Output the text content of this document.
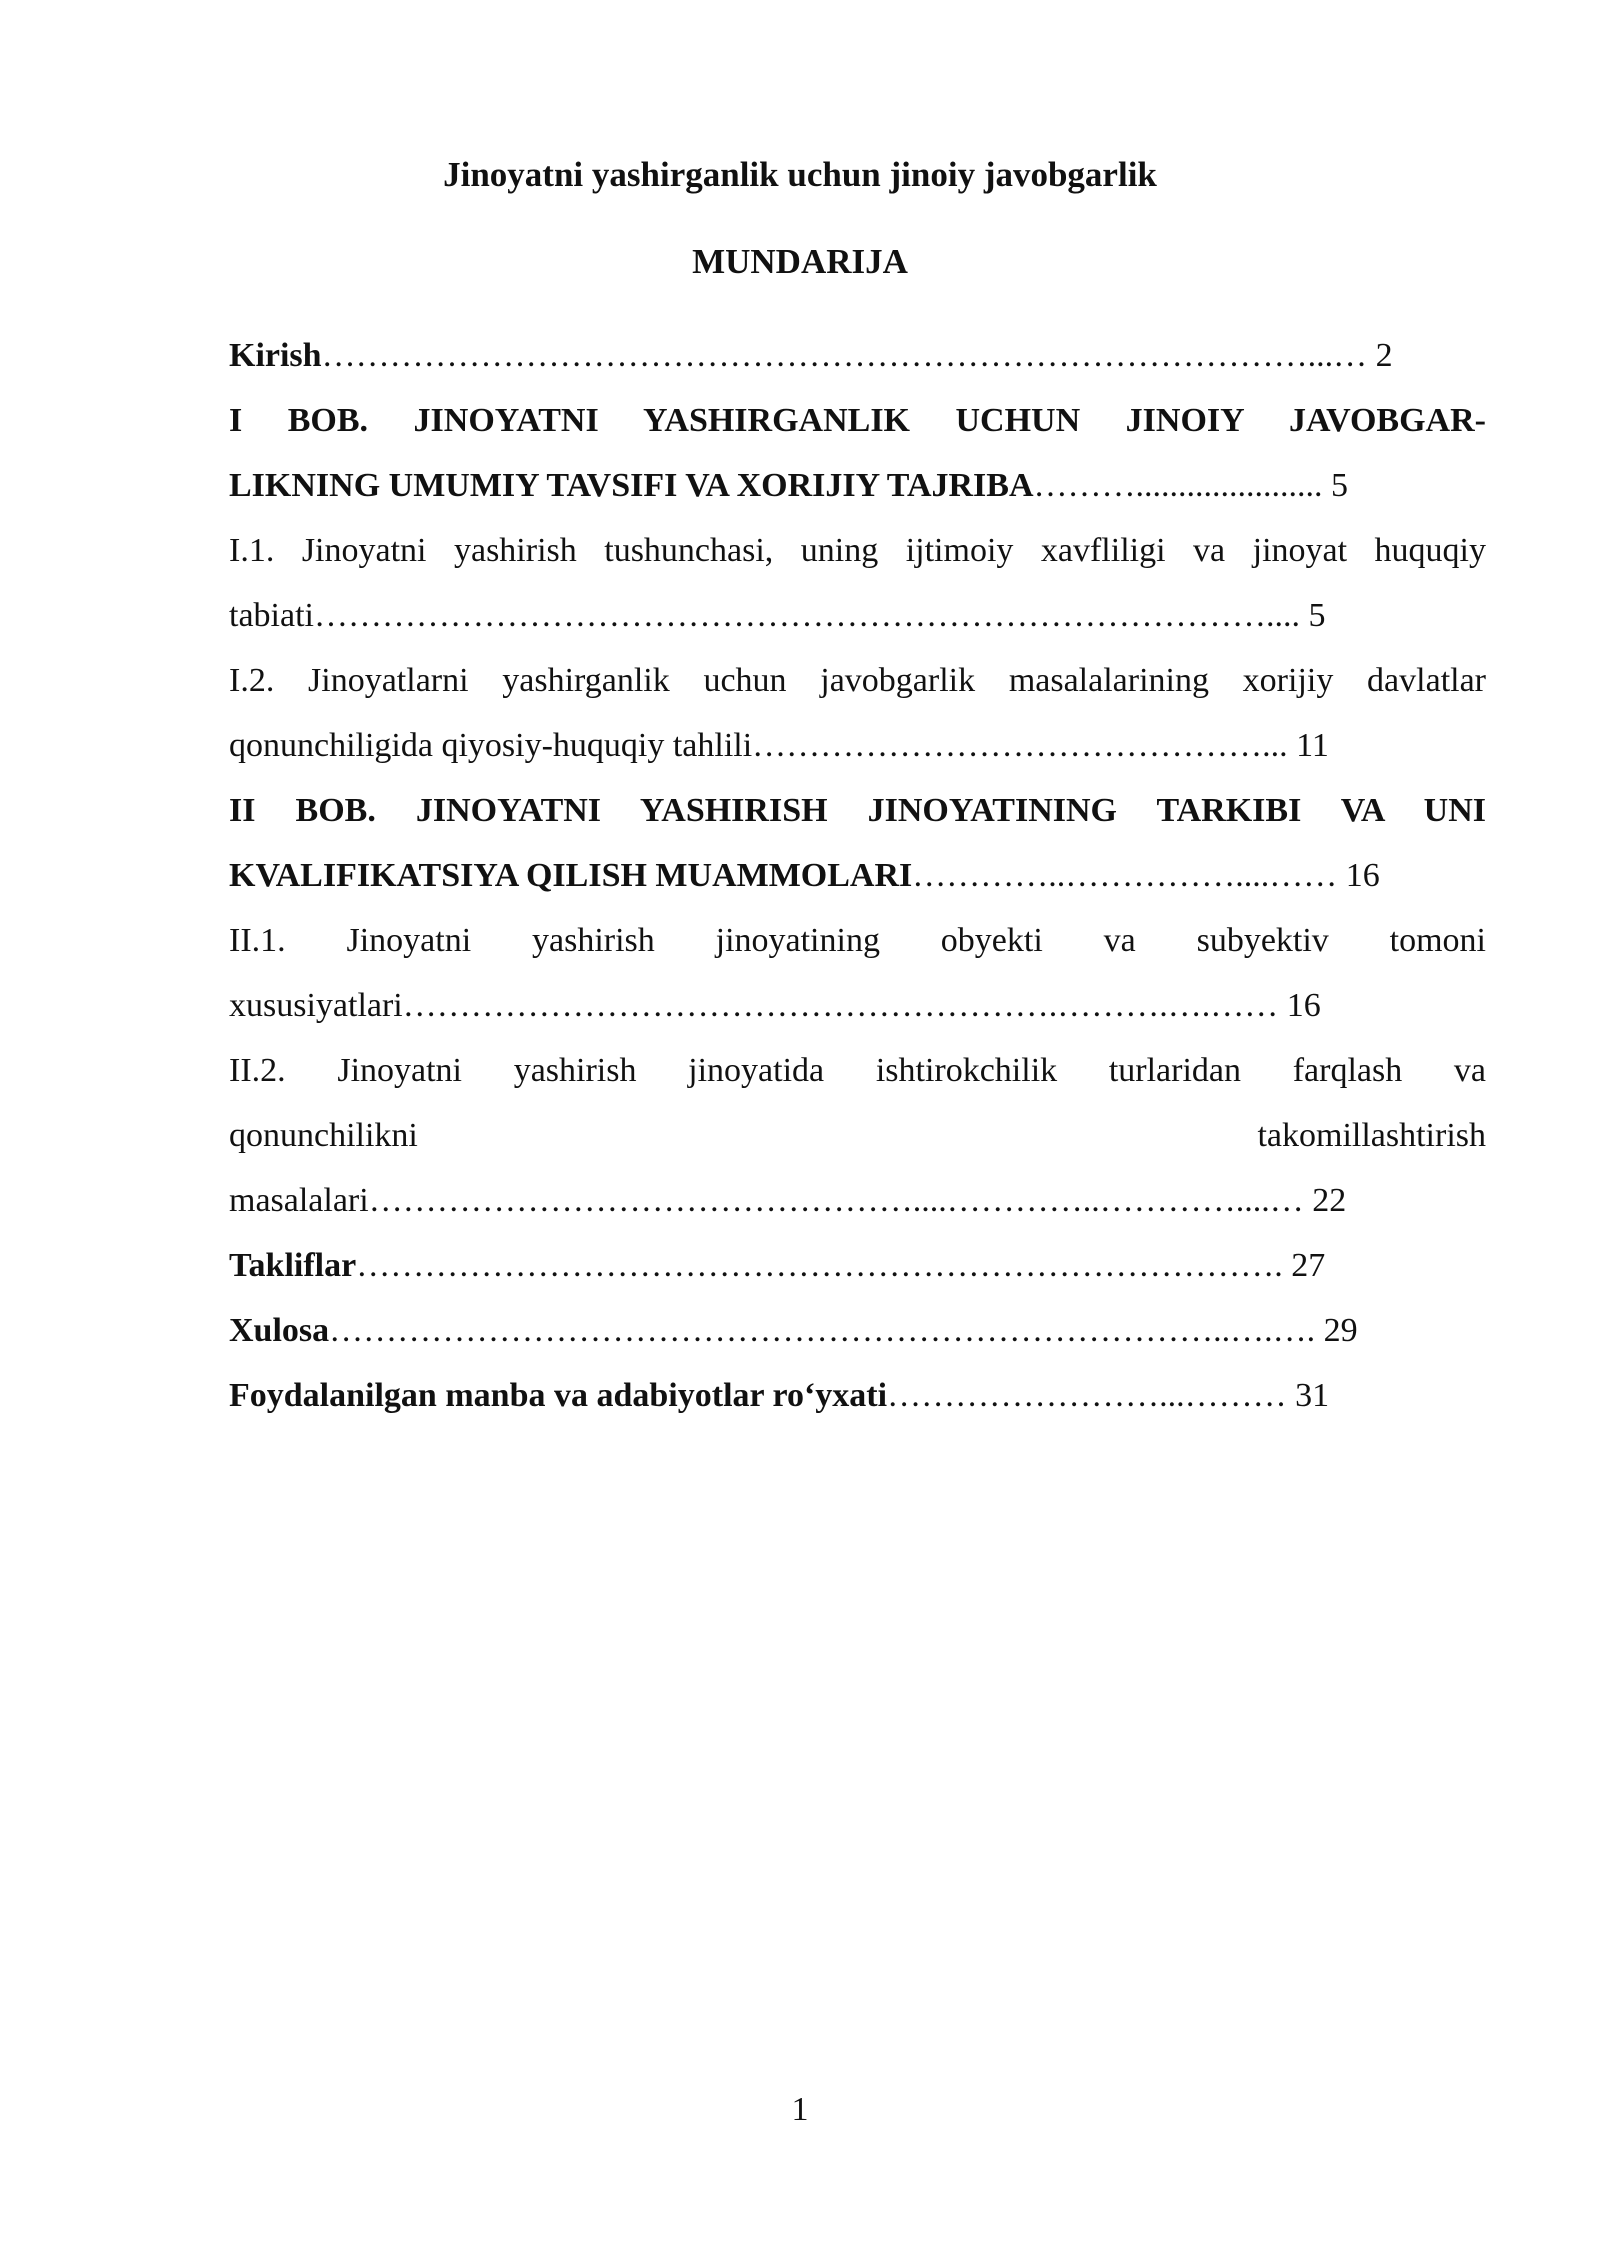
Jinoyatni yashirganlik uchun jinoiy javobgarlik
MUNDARIJA
Kirish……………………………………………………………………………...… 2
I BOB. JINOYATNI YASHIRGANLIK UCHUN JINOIY JAVOBGAR-
LIKNING UMUMIY TAVSIFI VA XORIJIY TAJRIBA………...................... 5
I.1. Jinoyatni yashirish tushunchasi, uning ijtimoiy xavfliligi va jinoyat huquqiy
tabiati………………………………………………………………………….... 5
I.2. Jinoyatlarni yashirganlik uchun javobgarlik masalalarining xorijiy davlatlar
qonunchiligida qiyosiy-huquqiy tahlili………………………………………... 11
II BOB. JINOYATNI YASHIRISH JINOYATINING TARKIBI VA UNI
KVALIFIKATSIYA QILISH MUAMMOLARI…………..……………....…… 16
II.1. Jinoyatni yashirish jinoyatining obyekti va subyektiv tomoni
xususiyatlari………………………………………………….……….….…… 16
II.2. Jinoyatni yashirish jinoyatida ishtirokchilik turlaridan farqlash va
qonunchilikni takomillashtirish
masalalari…………………………………………....…………..…………....… 22
Takliflar………………………………………………………………………. 27
Xulosa……………………………………………………………………..….…. 29
Foydalanilgan manba va adabiyotlar ro‘yxati……………………...……… 31
1
